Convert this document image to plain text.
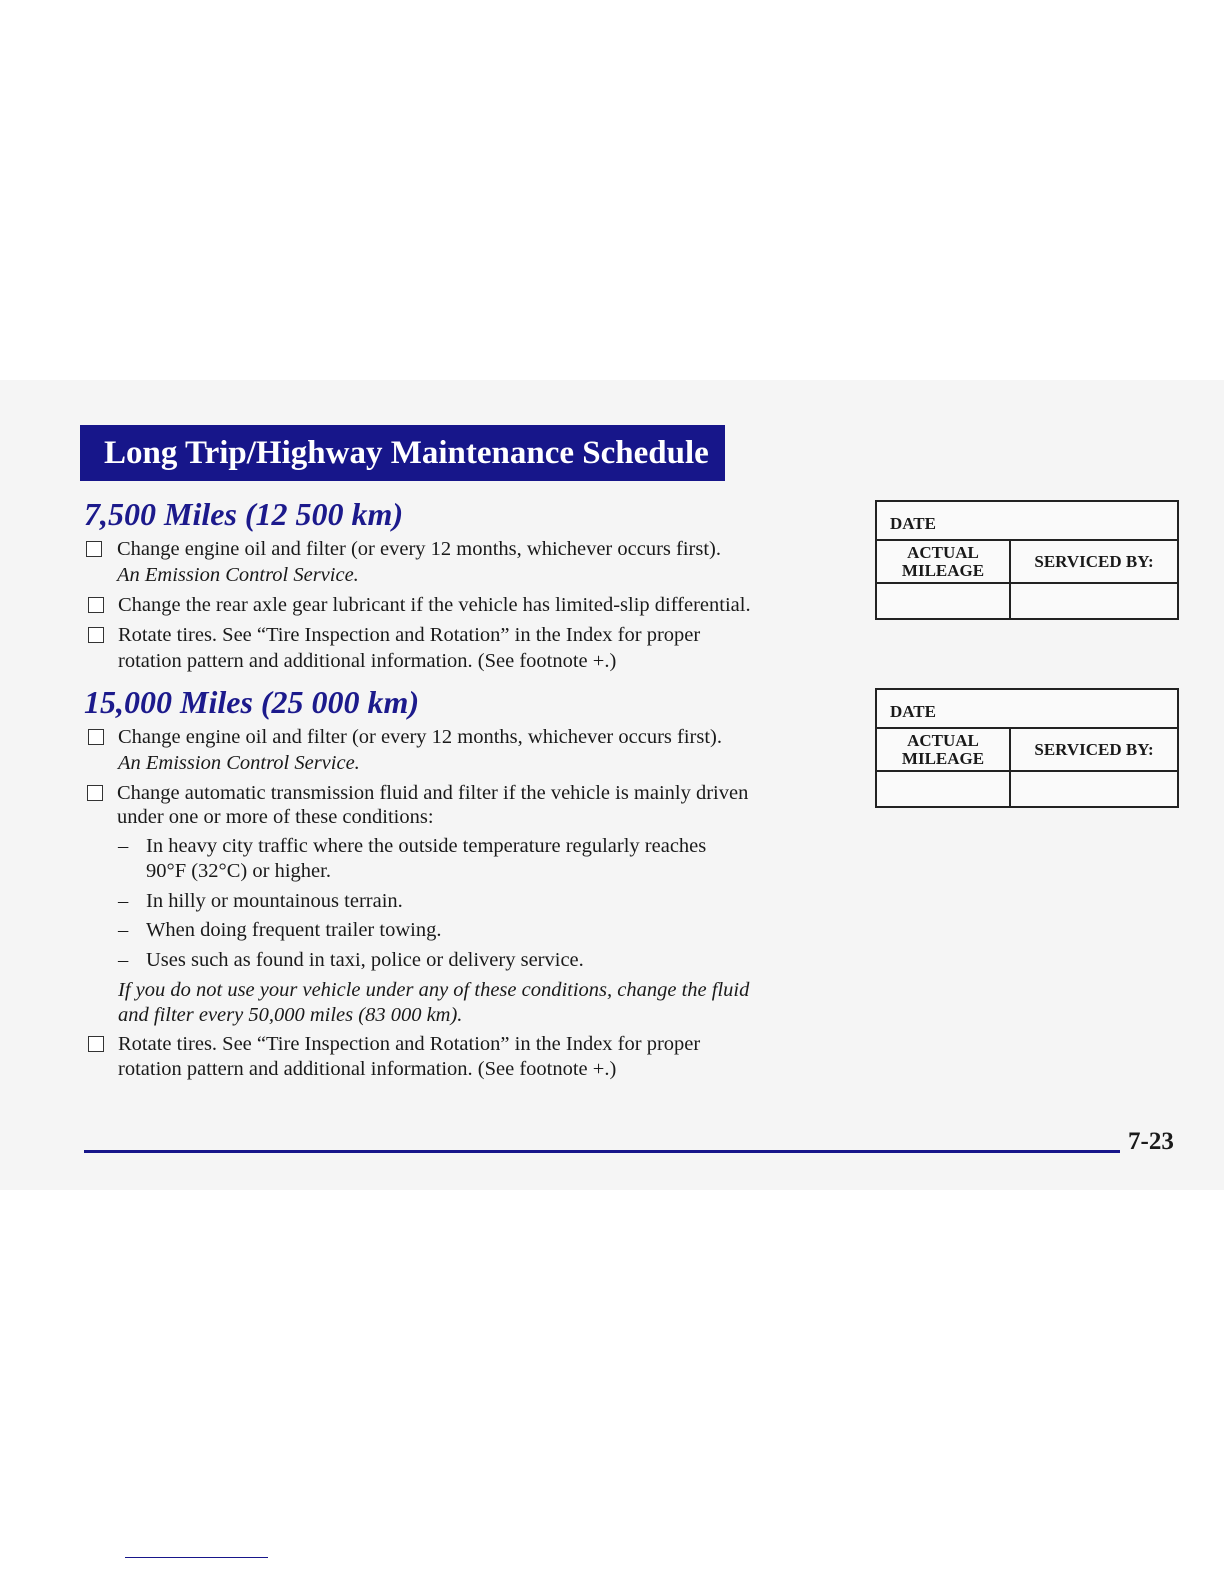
Long Trip/Highway Maintenance Schedule
7,500 Miles (12 500 km)
Change engine oil and filter (or every 12 months, whichever occurs first).
An Emission Control Service.
Change the rear axle gear lubricant if the vehicle has limited-slip differential.
Rotate tires. See “Tire Inspection and Rotation” in the Index for proper
rotation pattern and additional information. (See footnote +.)
15,000 Miles (25 000 km)
Change engine oil and filter (or every 12 months, whichever occurs first).
An Emission Control Service.
Change automatic transmission fluid and filter if the vehicle is mainly driven
under one or more of these conditions:
– In heavy city traffic where the outside temperature regularly reaches
90°F (32°C) or higher.
– In hilly or mountainous terrain.
– When doing frequent trailer towing.
– Uses such as found in taxi, police or delivery service.
If you do not use your vehicle under any of these conditions, change the fluid
and filter every 50,000 miles (83 000 km).
Rotate tires. See “Tire Inspection and Rotation” in the Index for proper
rotation pattern and additional information. (See footnote +.)
DATE
ACTUAL
MILEAGE	SERVICED BY:
DATE
ACTUAL
MILEAGE	SERVICED BY:
7-23
